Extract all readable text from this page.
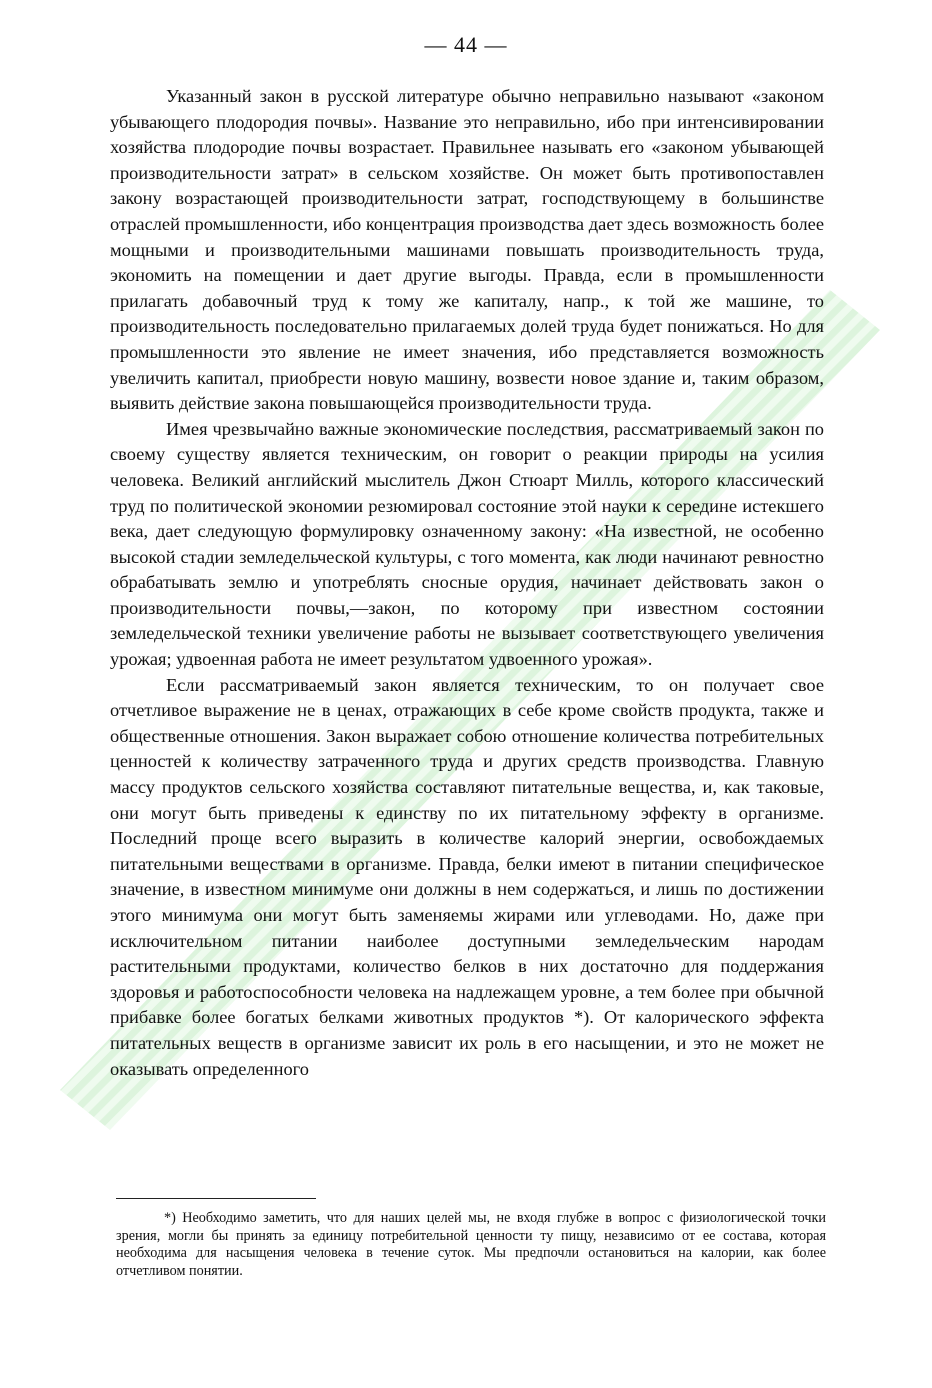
— 44 —

Указанный закон в русской литературе обычно неправильно называют «законом убывающего плодородия почвы». Название это неправильно, ибо при интенсивировании хозяйства плодородие почвы возрастает. Правильнее называть его «законом убывающей производительности затрат» в сельском хозяйстве. Он может быть противопоставлен закону возрастающей производительности затрат, господствующему в большинстве отраслей промышленности, ибо концентрация производства дает здесь возможность более мощными и производительными машинами повышать производительность труда, экономить на помещении и дает другие выгоды. Правда, если в промышленности прилагать добавочный труд к тому же капиталу, напр., к той же машине, то производительность последовательно прилагаемых долей труда будет понижаться. Но для промышленности это явление не имеет значения, ибо представляется возможность увеличить капитал, приобрести новую машину, возвести новое здание и, таким образом, выявить действие закона повышающейся производительности труда.

Имея чрезвычайно важные экономические последствия, рассматриваемый закон по своему существу является техническим, он говорит о реакции природы на усилия человека. Великий английский мыслитель Джон Стюарт Милль, которого классический труд по политической экономии резюмировал состояние этой науки к середине истекшего века, дает следующую формулировку означенному закону: «На известной, не особенно высокой стадии земледельческой культуры, с того момента, как люди начинают ревностно обрабатывать землю и употреблять сносные орудия, начинает действовать закон о производительности почвы,—закон, по которому при известном состоянии земледельческой техники увеличение работы не вызывает соответствующего увеличения урожая; удвоенная работа не имеет результатом удвоенного урожая».

Если рассматриваемый закон является техническим, то он получает свое отчетливое выражение не в ценах, отражающих в себе кроме свойств продукта, также и общественные отношения. Закон выражает собою отношение количества потребительных ценностей к количеству затраченного труда и других средств производства. Главную массу продуктов сельского хозяйства составляют питательные вещества, и, как таковые, они могут быть приведены к единству по их питательному эффекту в организме. Последний проще всего выразить в количестве калорий энергии, освобождаемых питательными веществами в организме. Правда, белки имеют в питании специфическое значение, в известном минимуме они должны в нем содержаться, и лишь по достижении этого минимума они могут быть заменяемы жирами или углеводами. Но, даже при исключительном питании наиболее доступными земледельческим народам растительными продуктами, количество белков в них достаточно для поддержания здоровья и работоспособности человека на надлежащем уровне, а тем более при обычной прибавке более богатых белками животных продуктов *). От калорического эффекта питательных веществ в организме зависит их роль в его насыщении, и это не может не оказывать определенного

*) Необходимо заметить, что для наших целей мы, не входя глубже в вопрос с физиологической точки зрения, могли бы принять за единицу потребительной ценности ту пищу, независимо от ее состава, которая необходима для насыщения человека в течение суток. Мы предпочли остановиться на калории, как более отчетливом понятии.
